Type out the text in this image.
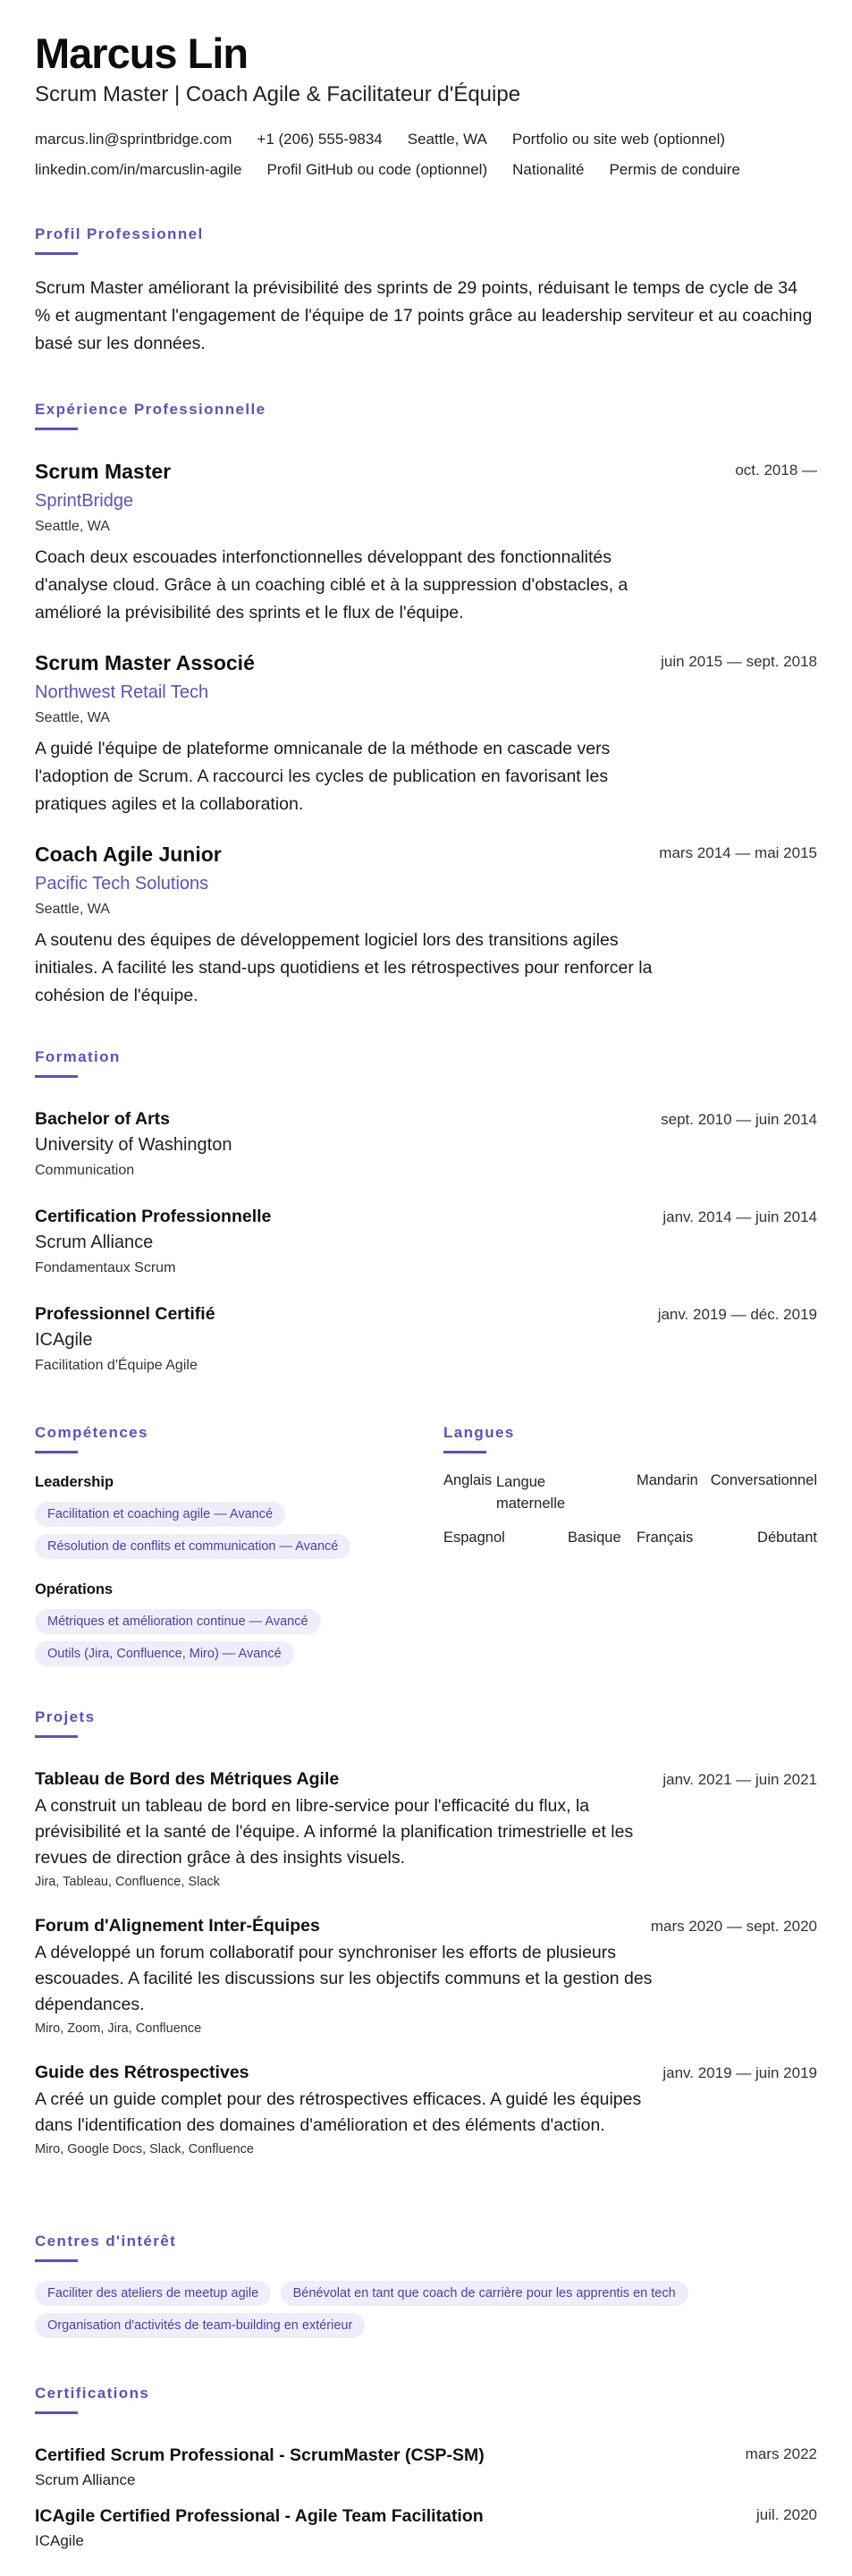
Marcus Lin
Scrum Master | Coach Agile & Facilitateur d'Équipe
marcus.lin@sprintbridge.com +1 (206) 555-9834 Seattle, WA Portfolio ou site web (optionnel)
linkedin.com/in/marcuslin-agile Profil GitHub ou code (optionnel) Nationalité Permis de conduire
Profil Professionnel
Scrum Master améliorant la prévisibilité des sprints de 29 points, réduisant le temps de cycle de 34 % et augmentant l'engagement de l'équipe de 17 points grâce au leadership serviteur et au coaching basé sur les données.
Expérience Professionnelle
Scrum Master
SprintBridge
Seattle, WA
Coach deux escouades interfonctionnelles développant des fonctionnalités d'analyse cloud. Grâce à un coaching ciblé et à la suppression d'obstacles, a amélioré la prévisibilité des sprints et le flux de l'équipe.
oct. 2018 —
Scrum Master Associé
Northwest Retail Tech
Seattle, WA
A guidé l'équipe de plateforme omnicanale de la méthode en cascade vers l'adoption de Scrum. A raccourci les cycles de publication en favorisant les pratiques agiles et la collaboration.
juin 2015 — sept. 2018
Coach Agile Junior
Pacific Tech Solutions
Seattle, WA
A soutenu des équipes de développement logiciel lors des transitions agiles initiales. A facilité les stand-ups quotidiens et les rétrospectives pour renforcer la cohésion de l'équipe.
mars 2014 — mai 2015
Formation
Bachelor of Arts
University of Washington
Communication
sept. 2010 — juin 2014
Certification Professionnelle
Scrum Alliance
Fondamentaux Scrum
janv. 2014 — juin 2014
Professionnel Certifié
ICAgile
Facilitation d'Équipe Agile
janv. 2019 — déc. 2019
Compétences
Leadership
Facilitation et coaching agile — Avancé
Résolution de conflits et communication — Avancé
Opérations
Métriques et amélioration continue — Avancé
Outils (Jira, Confluence, Miro) — Avancé
Langues
Anglais Langue maternelle
Mandarin Conversationnel
Espagnol	Basique Français	Débutant
Projets
Tableau de Bord des Métriques Agile
A construit un tableau de bord en libre-service pour l'efficacité du flux, la prévisibilité et la santé de l'équipe. A informé la planification trimestrielle et les revues de direction grâce à des insights visuels.
Jira, Tableau, Confluence, Slack
janv. 2021 — juin 2021
Forum d'Alignement Inter-Équipes
A développé un forum collaboratif pour synchroniser les efforts de plusieurs escouades. A facilité les discussions sur les objectifs communs et la gestion des dépendances.
Miro, Zoom, Jira, Confluence
mars 2020 — sept. 2020
Guide des Rétrospectives
A créé un guide complet pour des rétrospectives efficaces. A guidé les équipes dans l'identification des domaines d'amélioration et des éléments d'action.
Miro, Google Docs, Slack, Confluence
janv. 2019 — juin 2019
Centres d'intérêt
Faciliter des ateliers de meetup agile	Bénévolat en tant que coach de carrière pour les apprentis en tech
Organisation d'activités de team-building en extérieur
Certifications
Certified Scrum Professional - ScrumMaster (CSP-SM)
Scrum Alliance
mars 2022
ICAgile Certified Professional - Agile Team Facilitation
ICAgile
juil. 2020
